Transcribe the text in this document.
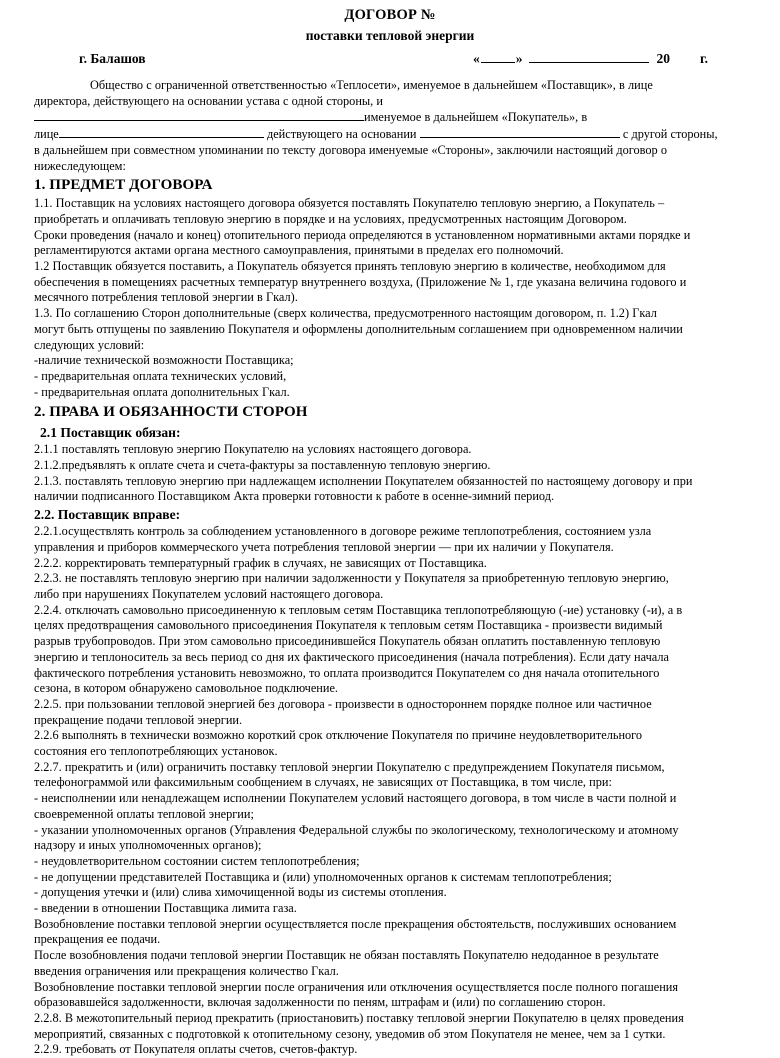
ДОГОВОР №
поставки тепловой энергии
г. Балашов	«	»	20 г.

Общество с ограниченной ответственностью «Теплосети», именуемое в дальнейшем «Поставщик», в лице

директора, действующего на основании устава с одной стороны, и

именуемое в дальнейшем «Покупатель», в

лице	действующего на основании	с другой стороны,

в дальнейшем при совместном упоминании по тексту договора именуемые «Стороны», заключили настоящий договор о

нижеследующем:

1. ПРЕДМЕТ ДОГОВОРА

1.1. Поставщик на условиях настоящего договора обязуется поставлять Покупателю тепловую энергию, а Покупатель –

приобретать и оплачивать тепловую энергию в порядке и на условиях, предусмотренных настоящим Договором.

Сроки проведения (начало и конец) отопительного периода определяются в установленном нормативными актами порядке и

регламентируются актами органа местного самоуправления, принятыми в пределах его полномочий.

1.2 Поставщик обязуется поставить, а Покупатель обязуется принять тепловую энергию в количестве, необходимом для

обеспечения в помещениях расчетных температур внутреннего воздуха, (Приложение № 1, где указана величина годового и

месячного потребления тепловой энергии в Гкал).

1.3. По соглашению Сторон дополнительные (сверх количества, предусмотренного настоящим договором, п. 1.2) Гкал

могут быть отпущены по заявлению Покупателя и оформлены дополнительным соглашением при одновременном наличии

следующих условий:

-наличие технической возможности Поставщика;

- предварительная оплата технических условий,

- предварительная оплата дополнительных Гкал.

2. ПРАВА И ОБЯЗАННОСТИ СТОРОН
2.1 Поставщик обязан:

2.1.1 поставлять тепловую энергию Покупателю на условиях настоящего договора.

2.1.2.предъявлять к оплате счета и счета-фактуры за поставленную тепловую энергию.

2.1.3. поставлять тепловую энергию при надлежащем исполнении Покупателем обязанностей по настоящему договору и при

наличии подписанного Поставщиком Акта проверки готовности к работе в осенне-зимний период.

2.2. Поставщик вправе:

2.2.1.осуществлять контроль за соблюдением установленного в договоре режиме теплопотребления, состоянием узла

управления и приборов коммерческого учета потребления тепловой энергии — при их наличии у Покупателя.

2.2.2. корректировать температурный график в случаях, не зависящих от Поставщика.

2.2.3. не поставлять тепловую энергию при наличии задолженности у Покупателя за приобретенную тепловую энергию,

либо при нарушениях Покупателем условий настоящего договора.

2.2.4. отключать самовольно присоединенную к тепловым сетям Поставщика теплопотребляющую (-ие) установку (-и), а в

целях предотвращения самовольного присоединения Покупателя к тепловым сетям Поставщика - произвести видимый

разрыв трубопроводов. При этом самовольно присоединившейся Покупатель обязан оплатить поставленную тепловую

энергию и теплоноситель за весь период со дня их фактического присоединения (начала потребления). Если дату начала

фактического потребления установить невозможно, то оплата производится Покупателем со дня начала отопительного

сезона, в котором обнаружено самовольное подключение.

2.2.5. при пользовании тепловой энергией без договора - произвести в одностороннем порядке полное или частичное

прекращение подачи тепловой энергии.

2.2.6 выполнять в технически возможно короткий срок отключение Покупателя по причине неудовлетворительного

состояния его теплопотребляющих установок.

2.2.7. прекратить и (или) ограничить поставку тепловой энергии Покупателю с предупреждением Покупателя письмом,

телефонограммой или факсимильным сообщением в случаях, не зависящих от Поставщика, в том числе, при:

- неисполнении или ненадлежащем исполнении Покупателем условий настоящего договора, в том числе в части полной и

своевременной оплаты тепловой энергии;

- указании уполномоченных органов (Управления Федеральной службы по экологическому, технологическому и атомному

надзору и иных уполномоченных органов);

- неудовлетворительном состоянии систем теплопотребления;

- не допущении представителей Поставщика и (или) уполномоченных органов к системам теплопотребления;

- допущения утечки и (или) слива химочищенной воды из системы отопления.

- введении в отношении Поставщика лимита газа.

Возобновление поставки тепловой энергии осуществляется после прекращения обстоятельств, послуживших основанием

прекращения ее подачи.

После возобновления подачи тепловой энергии Поставщик не обязан поставлять Покупателю недоданное в результате

введения ограничения или прекращения количество Гкал.

Возобновление поставки тепловой энергии после ограничения или отключения осуществляется после полного погашения

образовавшейся задолженности, включая задолженности по пеням, штрафам и (или) по соглашению сторон.

2.2.8. В межотопительный период прекратить (приостановить) поставку тепловой энергии Покупателю в целях проведения

мероприятий, связанных с подготовкой к отопительному сезону, уведомив об этом Покупателя не менее, чем за 1 сутки.

2.2.9. требовать от Покупателя оплаты счетов, счетов-фактур.
